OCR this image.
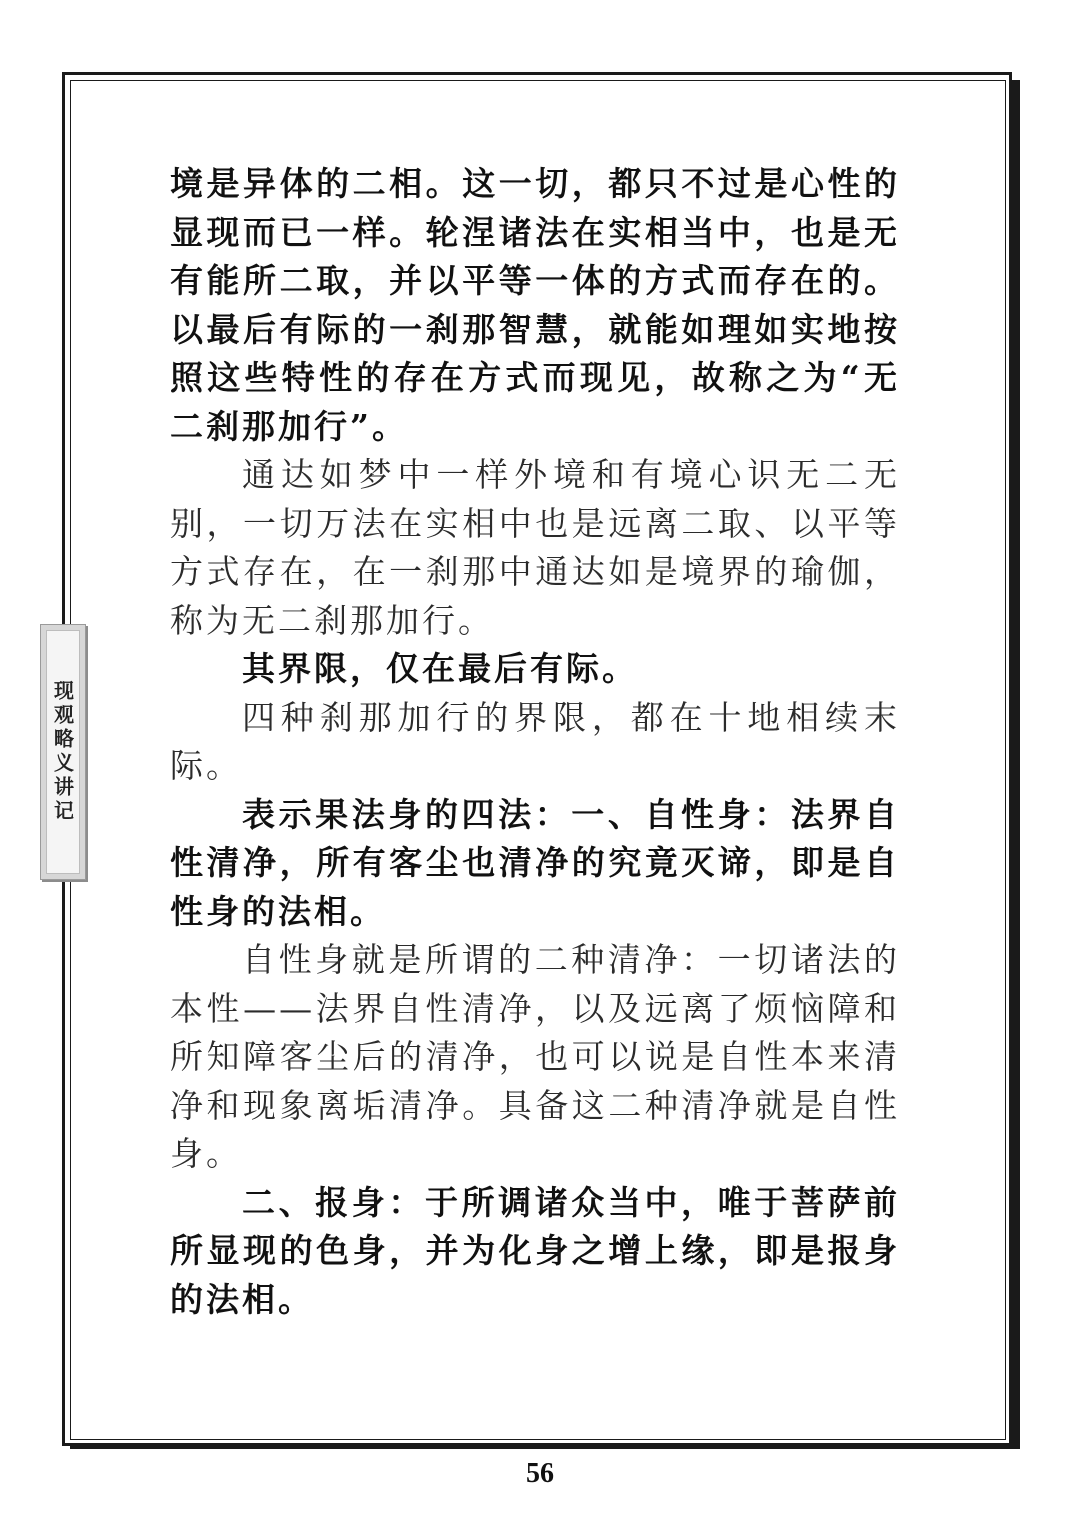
现观略义讲记

境是异体的二相。这一切，都只不过是心性的显现而已一样。轮涅诸法在实相当中，也是无有能所二取，并以平等一体的方式而存在的。以最后有际的一刹那智慧，就能如理如实地按照这些特性的存在方式而现见，故称之为“无二刹那加行”。

通达如梦中一样外境和有境心识无二无别，一切万法在实相中也是远离二取、以平等方式存在，在一刹那中通达如是境界的瑜伽，称为无二刹那加行。

其界限，仅在最后有际。

四种刹那加行的界限，都在十地相续末际。

表示果法身的四法：一、自性身：法界自性清净，所有客尘也清净的究竟灭谛，即是自性身的法相。

自性身就是所谓的二种清净：一切诸法的本性——法界自性清净，以及远离了烦恼障和所知障客尘后的清净，也可以说是自性本来清净和现象离垢清净。具备这二种清净就是自性身。

二、报身：于所调诸众当中，唯于菩萨前所显现的色身，并为化身之增上缘，即是报身的法相。

56
